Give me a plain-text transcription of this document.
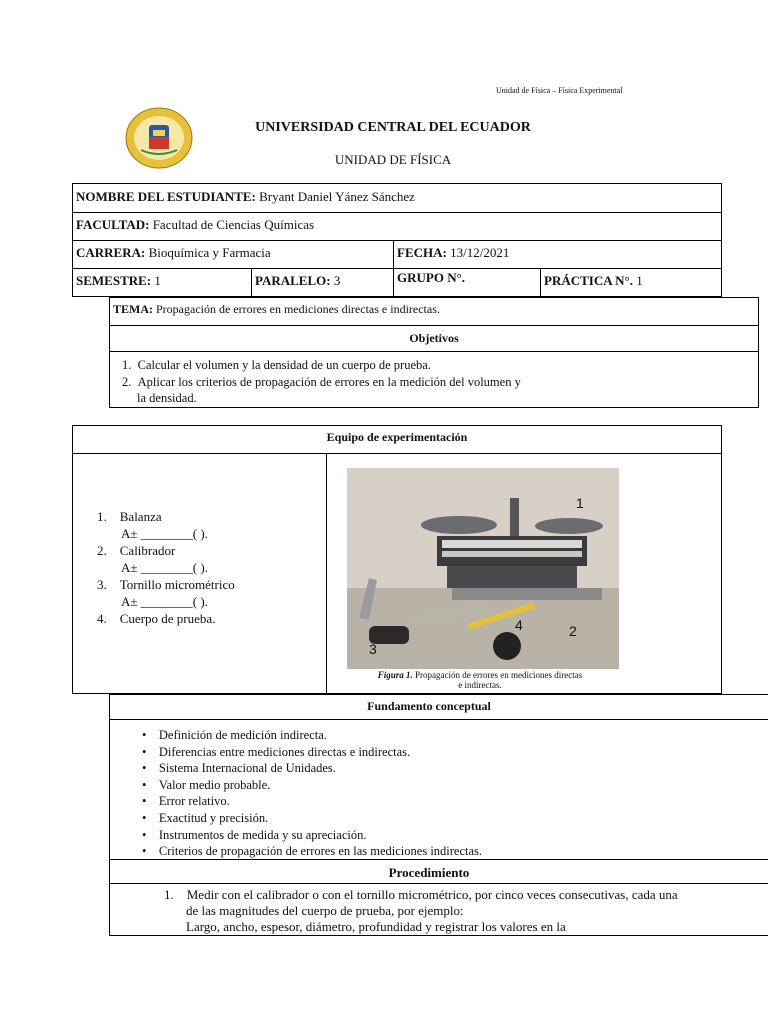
Unidad de Física – Física Experimental
UNIVERSIDAD CENTRAL DEL ECUADOR
UNIDAD DE FÍSICA
NOMBRE DEL ESTUDIANTE: Bryant Daniel Yánez Sánchez
FACULTAD: Facultad de Ciencias Químicas
CARRERA: Bioquímica y Farmacia	FECHA: 13/12/2021
SEMESTRE: 1	PARALELO: 3	GRUPO N°.	PRÁCTICA N°. 1
TEMA: Propagación de errores en mediciones directas e indirectas.
Objetivos
1.  Calcular el volumen y la densidad de un cuerpo de prueba.
2.  Aplicar los criterios de propagación de errores en la medición del volumen y
la densidad.
Equipo de experimentación
1. Balanza
A± ________( ).
2. Calibrador
A± ________( ).
3. Tornillo micrométrico
A± ________( ).
4. Cuerpo de prueba.
1
2
3
4
Figura 1. Propagación de errores en mediciones directas
e indirectas.
Fundamento conceptual
•    Definición de medición indirecta.
•    Diferencias entre mediciones directas e indirectas.
•    Sistema Internacional de Unidades.
•    Valor medio probable.
•    Error relativo.
•    Exactitud y precisión.
•    Instrumentos de medida y su apreciación.
•    Criterios de propagación de errores en las mediciones indirectas.
Procedimiento
1. Medir con el calibrador o con el tornillo micrométrico, por cinco veces consecutivas, cada una
de las magnitudes del cuerpo de prueba, por ejemplo:
Largo, ancho, espesor, diámetro, profundidad y registrar los valores en la
